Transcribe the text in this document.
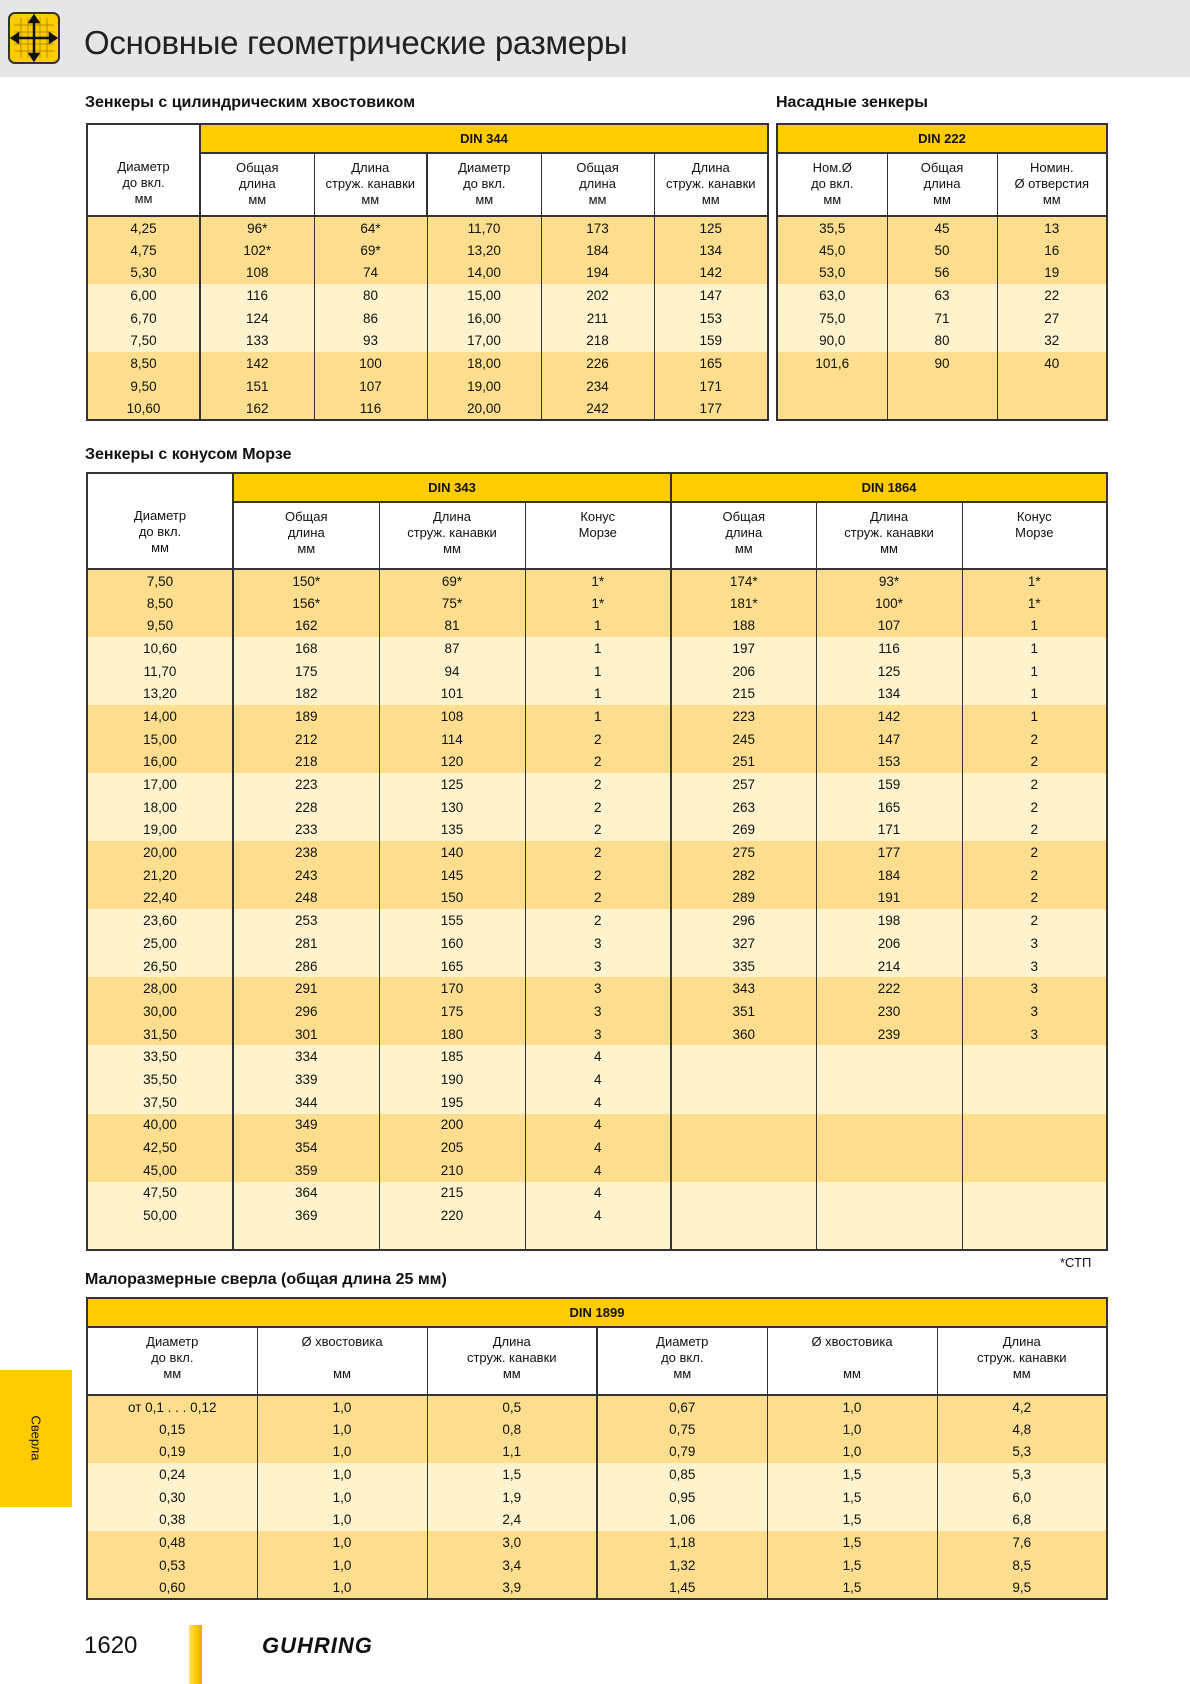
Основные геометрические размеры
Зенкеры с цилиндрическим хвостовиком	Насадные зенкеры
	DIN 344				
Диаметр
до вкл.
мм	Общая
длина
мм	Длина
струж. канавки
мм	Диаметр
до вкл.
мм	Общая
длина
мм	Длина
струж. канавки
мм
4,25	96*	64*	11,70	173	125
4,75	102*	69*	13,20	184	134
5,30	108	74	14,00	194	142
6,00	116	80	15,00	202	147
6,70	124	86	16,00	211	153
7,50	133	93	17,00	218	159
8,50	142	100	18,00	226	165
9,50	151	107	19,00	234	171
10,60	162	116	20,00	242	177
DIN 222		
Ном.Ø
до вкл.
мм	Общая
длина
мм	Номин.
Ø отверстия
мм
35,5	45	13
45,0	50	16
53,0	56	19
63,0	63	22
75,0	71	27
90,0	80	32
101,6	90	40

Зенкеры с конусом Морзе
	DIN 343			DIN 1864		
Диаметр
до вкл.
мм	Общая
длина
мм	Длина
струж. канавки
мм	Конус
Морзе	Общая
длина
мм	Длина
струж. канавки
мм	Конус
Морзе
7,50	150*	69*	1*	174*	93*	1*
8,50	156*	75*	1*	181*	100*	1*
9,50	162	81	1	188	107	1
10,60	168	87	1	197	116	1
11,70	175	94	1	206	125	1
13,20	182	101	1	215	134	1
14,00	189	108	1	223	142	1
15,00	212	114	2	245	147	2
16,00	218	120	2	251	153	2
17,00	223	125	2	257	159	2
18,00	228	130	2	263	165	2
19,00	233	135	2	269	171	2
20,00	238	140	2	275	177	2
21,20	243	145	2	282	184	2
22,40	248	150	2	289	191	2
23,60	253	155	2	296	198	2
25,00	281	160	3	327	206	3
26,50	286	165	3	335	214	3
28,00	291	170	3	343	222	3
30,00	296	175	3	351	230	3
31,50	301	180	3	360	239	3
33,50	334	185	4			
35,50	339	190	4			
37,50	344	195	4			
40,00	349	200	4			
42,50	354	205	4			
45,00	359	210	4			
47,50	364	215	4			
50,00	369	220	4			

*СТП
Малоразмерные сверла (общая длина 25 мм)
DIN 1899					
Диаметр
до вкл.
мм	Ø хвостовика

мм	Длина
струж. канавки
мм	Диаметр
до вкл.
мм	Ø хвостовика

мм	Длина
струж. канавки
мм
от 0,1 . . . 0,12	1,0	0,5	0,67	1,0	4,2
0,15	1,0	0,8	0,75	1,0	4,8
0,19	1,0	1,1	0,79	1,0	5,3
0,24	1,0	1,5	0,85	1,5	5,3
0,30	1,0	1,9	0,95	1,5	6,0
0,38	1,0	2,4	1,06	1,5	6,8
0,48	1,0	3,0	1,18	1,5	7,6
0,53	1,0	3,4	1,32	1,5	8,5
0,60	1,0	3,9	1,45	1,5	9,5
Сверла
1620	GUHRING
